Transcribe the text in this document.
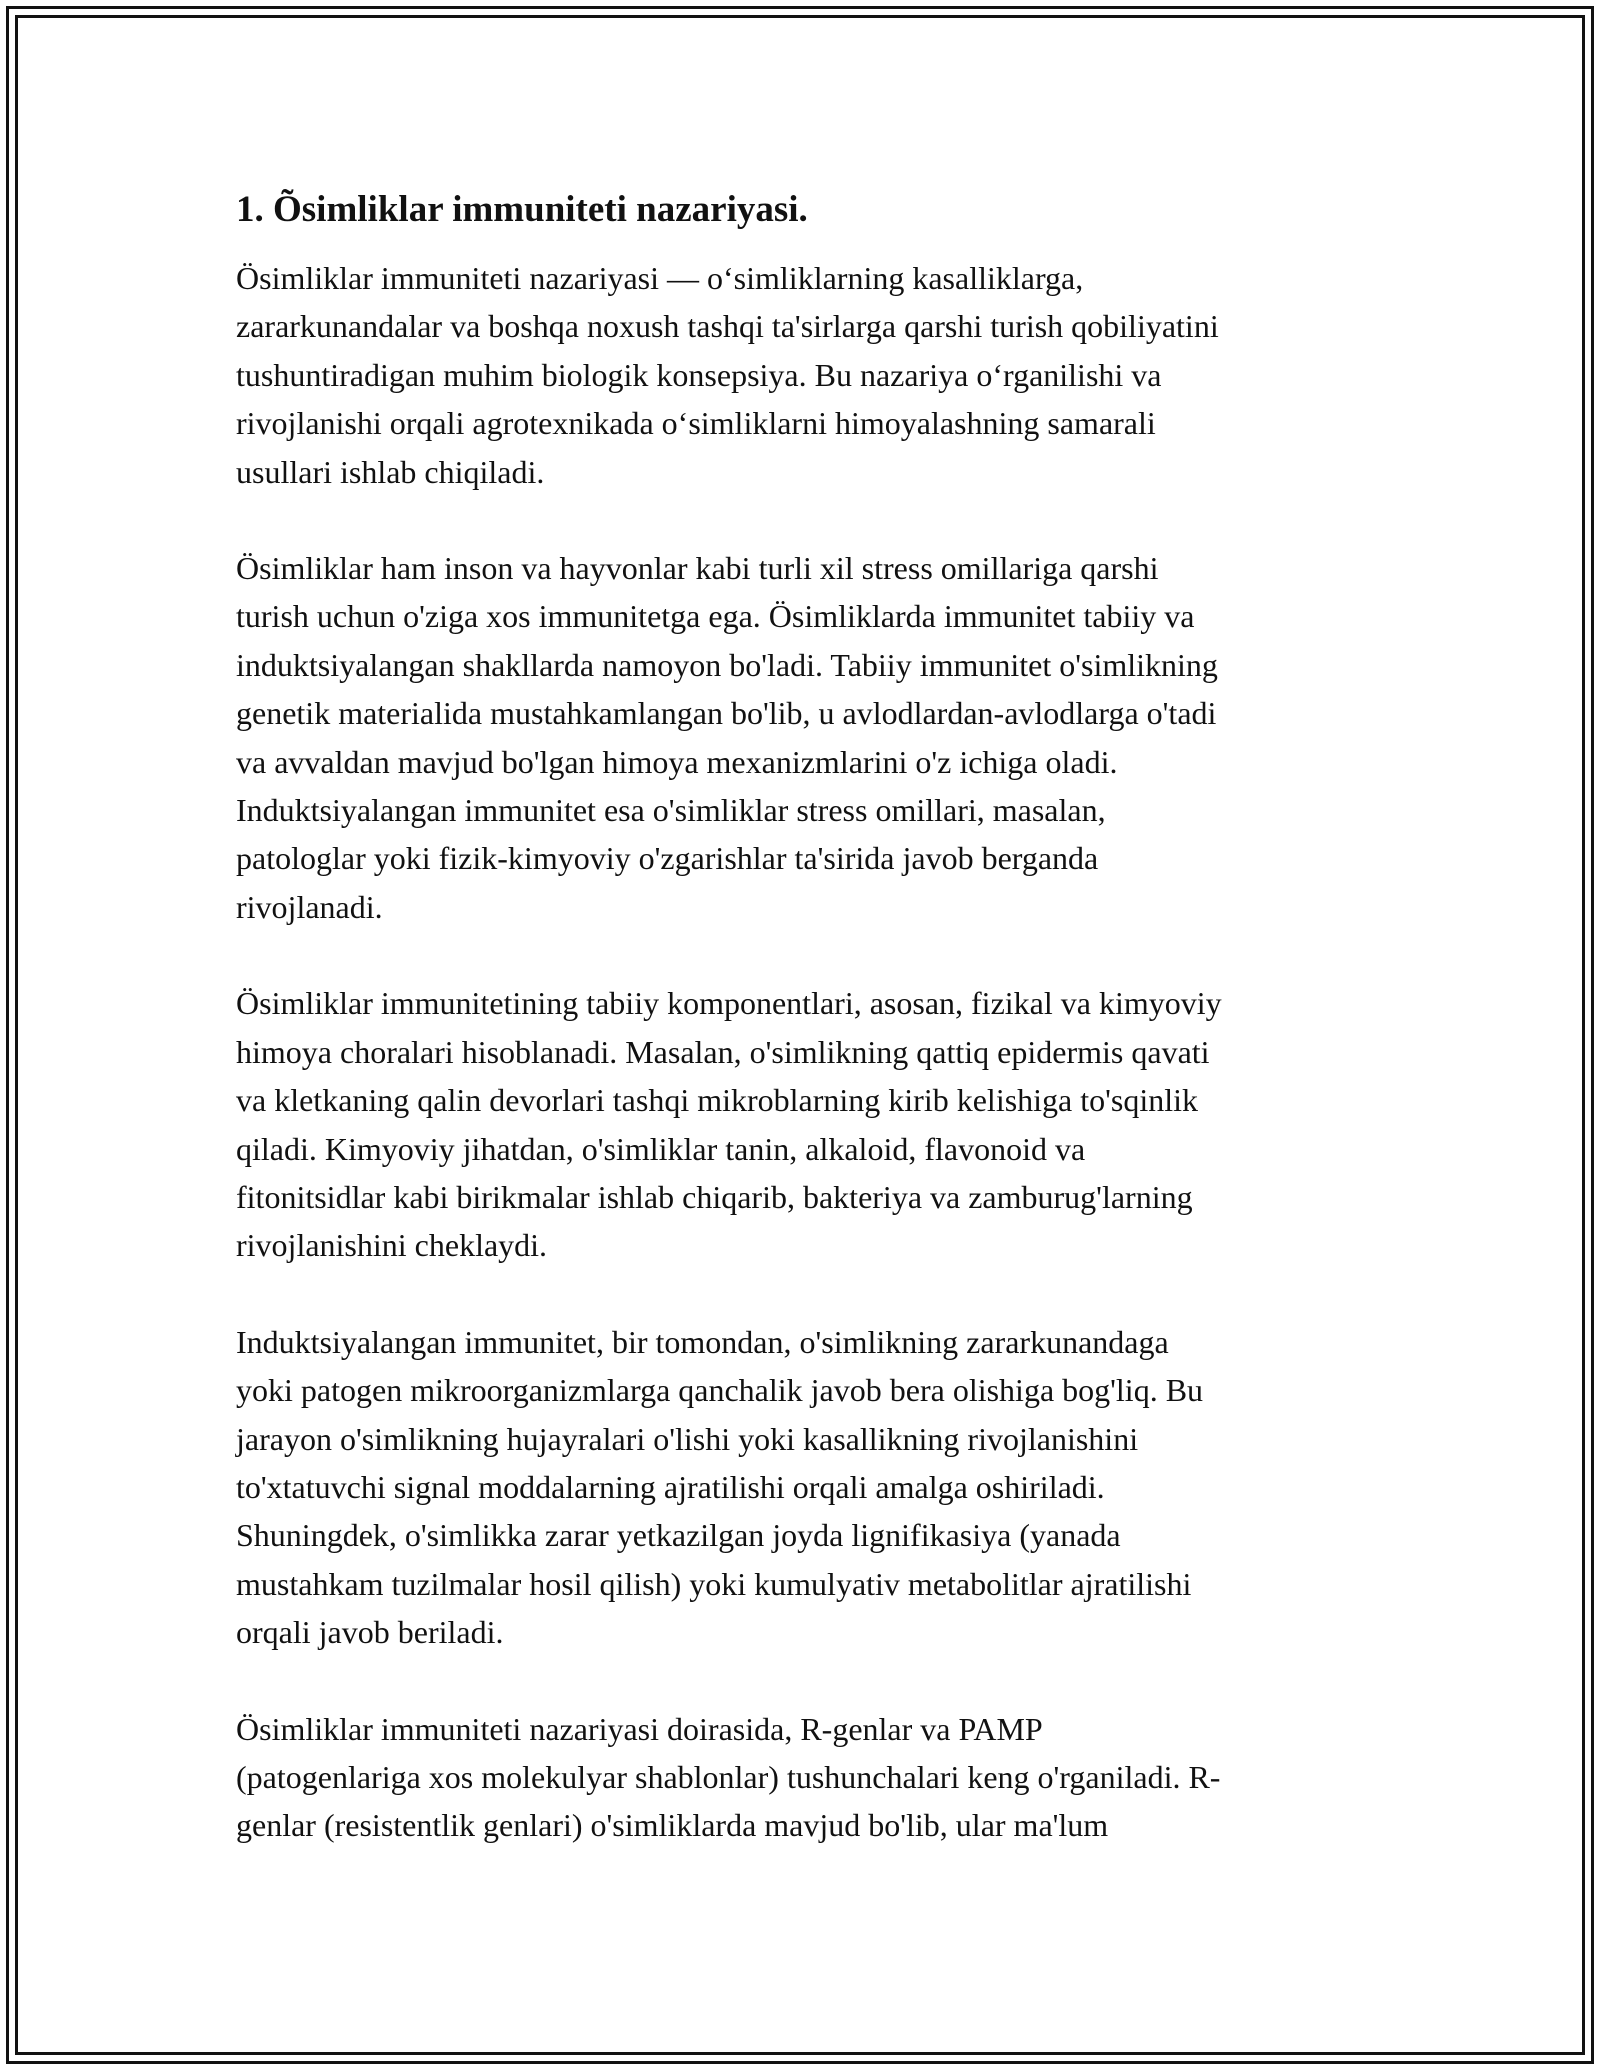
1. Õsimliklar immuniteti nazariyasi.

Ösimliklar immuniteti nazariyasi — oʻsimliklarning kasalliklarga,
zararkunandalar va boshqa noxush tashqi ta'sirlarga qarshi turish qobiliyatini
tushuntiradigan muhim biologik konsepsiya. Bu nazariya oʻrganilishi va
rivojlanishi orqali agrotexnikada oʻsimliklarni himoyalashning samarali
usullari ishlab chiqiladi.

Ösimliklar ham inson va hayvonlar kabi turli xil stress omillariga qarshi
turish uchun o'ziga xos immunitetga ega. Ösimliklarda immunitet tabiiy va
induktsiyalangan shakllarda namoyon bo'ladi. Tabiiy immunitet o'simlikning
genetik materialida mustahkamlangan bo'lib, u avlodlardan-avlodlarga o'tadi
va avvaldan mavjud bo'lgan himoya mexanizmlarini o'z ichiga oladi.
Induktsiyalangan immunitet esa o'simliklar stress omillari, masalan,
patologlar yoki fizik-kimyoviy o'zgarishlar ta'sirida javob berganda
rivojlanadi.

Ösimliklar immunitetining tabiiy komponentlari, asosan, fizikal va kimyoviy
himoya choralari hisoblanadi. Masalan, o'simlikning qattiq epidermis qavati
va kletkaning qalin devorlari tashqi mikroblarning kirib kelishiga to'sqinlik
qiladi. Kimyoviy jihatdan, o'simliklar tanin, alkaloid, flavonoid va
fitonitsidlar kabi birikmalar ishlab chiqarib, bakteriya va zamburug'larning
rivojlanishini cheklaydi.

Induktsiyalangan immunitet, bir tomondan, o'simlikning zararkunandaga
yoki patogen mikroorganizmlarga qanchalik javob bera olishiga bog'liq. Bu
jarayon o'simlikning hujayralari o'lishi yoki kasallikning rivojlanishini
to'xtatuvchi signal moddalarning ajratilishi orqali amalga oshiriladi.
Shuningdek, o'simlikka zarar yetkazilgan joyda lignifikasiya (yanada
mustahkam tuzilmalar hosil qilish) yoki kumulyativ metabolitlar ajratilishi
orqali javob beriladi.

Ösimliklar immuniteti nazariyasi doirasida, R-genlar va PAMP
(patogenlariga xos molekulyar shablonlar) tushunchalari keng o'rganiladi. R-
genlar (resistentlik genlari) o'simliklarda mavjud bo'lib, ular ma'lum
